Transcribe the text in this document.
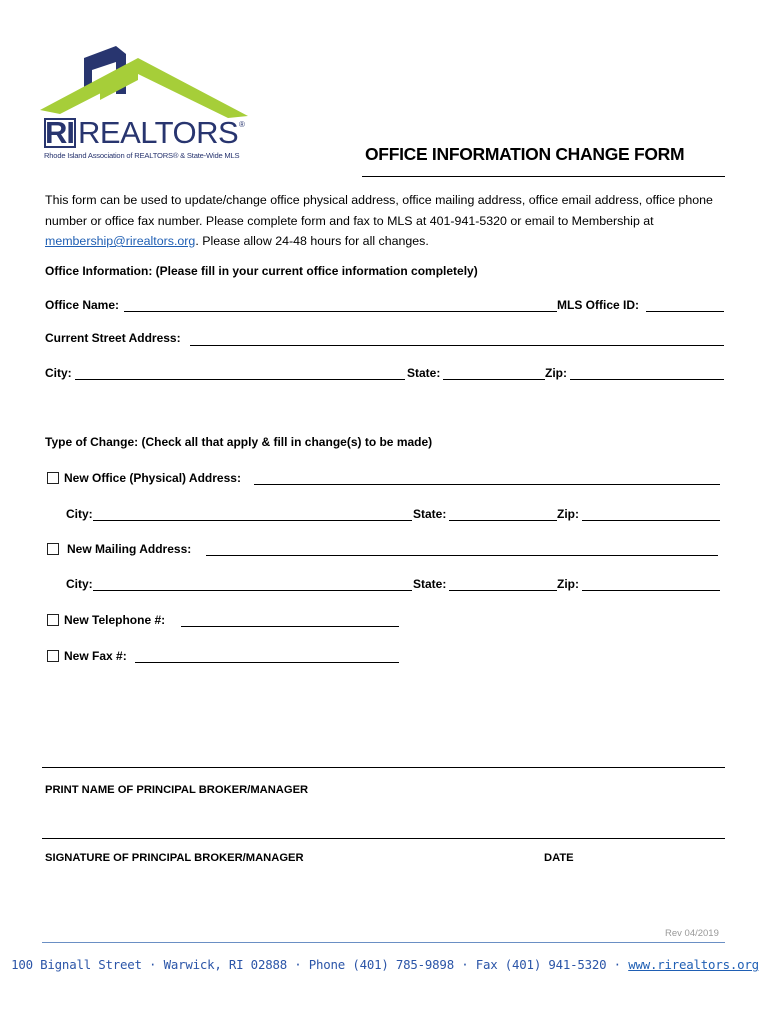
RI REALTORS ®
Rhode Island Association of REALTORS® & State-Wide MLS	OFFICE INFORMATION CHANGE FORM
This form can be used to update/change office physical address, office mailing address, office email address, office phone number or office fax number. Please complete form and fax to MLS at 401-941-5320 or email to Membership at membership@rirealtors.org. Please allow 24-48 hours for all changes.
Office Information: (Please fill in your current office information completely)
Office Name:	MLS Office ID:
Current Street Address:
City:	State:	Zip:
Type of Change: (Check all that apply & fill in change(s) to be made)
New Office (Physical) Address:
City:	State:	Zip:
New Mailing Address:
City:	State:	Zip:
New Telephone #:
New Fax #:
PRINT NAME OF PRINCIPAL BROKER/MANAGER
SIGNATURE OF PRINCIPAL BROKER/MANAGER	DATE
Rev 04/2019
100 Bignall Street · Warwick, RI 02888 · Phone (401) 785-9898 · Fax (401) 941-5320 · www.rirealtors.org
